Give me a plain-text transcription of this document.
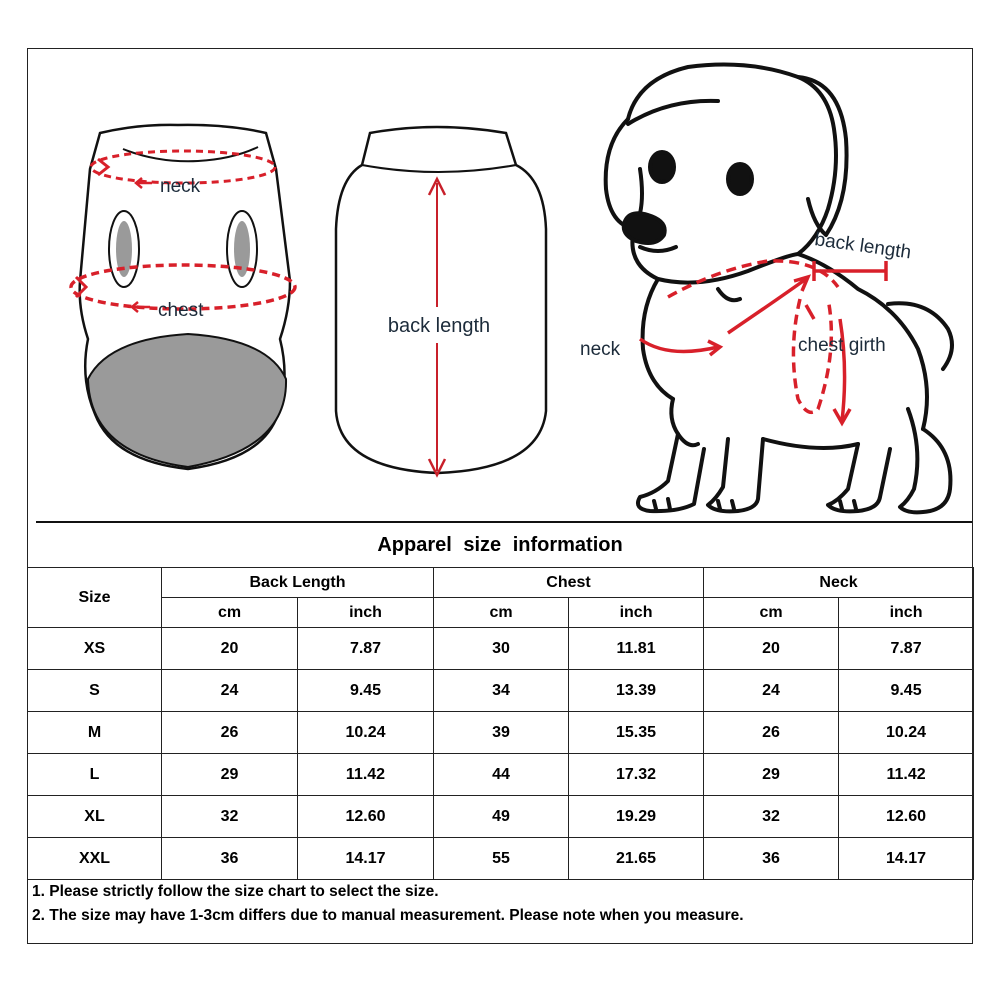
neck
chest
back length
back length
neck	chest girth
Apparel size information
Size	Back Length		Chest		Neck	
	cm	inch	cm	inch	cm	inch
XS	20	7.87	30	11.81	20	7.87
S	24	9.45	34	13.39	24	9.45
M	26	10.24	39	15.35	26	10.24
L	29	11.42	44	17.32	29	11.42
XL	32	12.60	49	19.29	32	12.60
XXL	36	14.17	55	21.65	36	14.17
1. Please strictly follow the size chart to select the size.
2. The size may have 1-3cm differs due to manual measurement. Please note when you measure.
